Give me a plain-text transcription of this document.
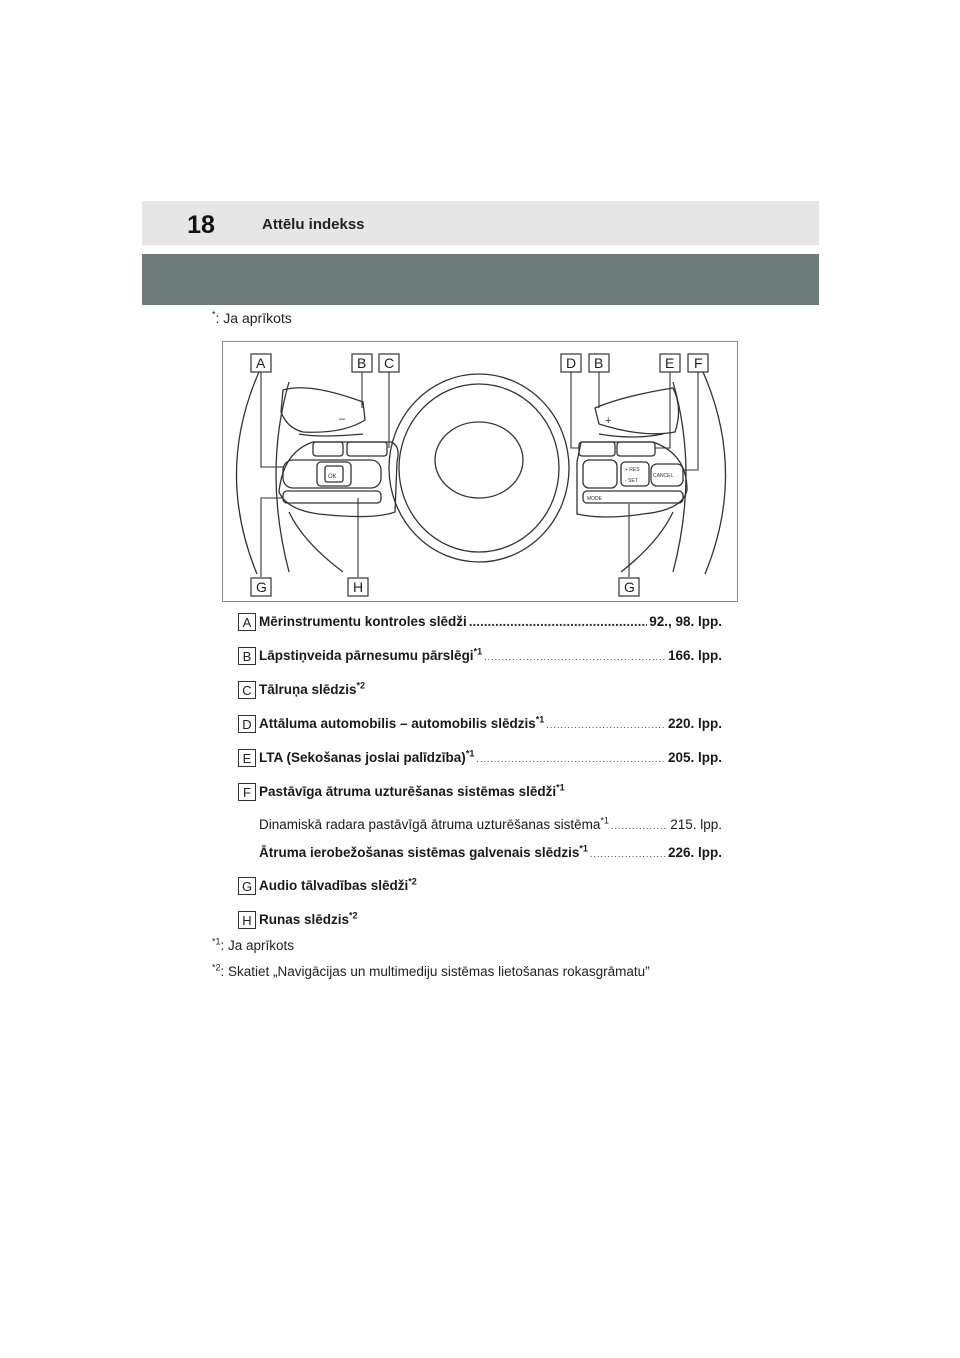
18	Attēlu indekss
*: Ja aprīkots
A	B C	D B	E F
G	H	G
OK
MODE
CANCEL
+ RES
- SET
+
–
A Mērinstrumentu kontroles slēdži .....	92., 98. lpp.
B Lāpstiņveida pārnesumu pārslēgi$^{*1}$ .....	166. lpp.
C Tālruņa slēdzis$^{*2}$
D Attāluma automobilis – automobilis slēdzis$^{*1}$ .....	220. lpp.
E LTA (Sekošanas joslai palīdzība)$^{*1}$ .....	205. lpp.
F Pastāvīga ātruma uzturēšanas sistēmas slēdži$^{*1}$
Dinamiskā radara pastāvīgā ātruma uzturēšanas sistēma$^{*1}$ .....	215. lpp.
Ātruma ierobežošanas sistēmas galvenais slēdzis$^{*1}$ .....	226. lpp.
G Audio tālvadības slēdži$^{*2}$
H Runas slēdzis$^{*2}$
$^{*1}$: Ja aprīkots
$^{*2}$: Skatiet „Navigācijas un multimediju sistēmas lietošanas rokasgrāmatu”
